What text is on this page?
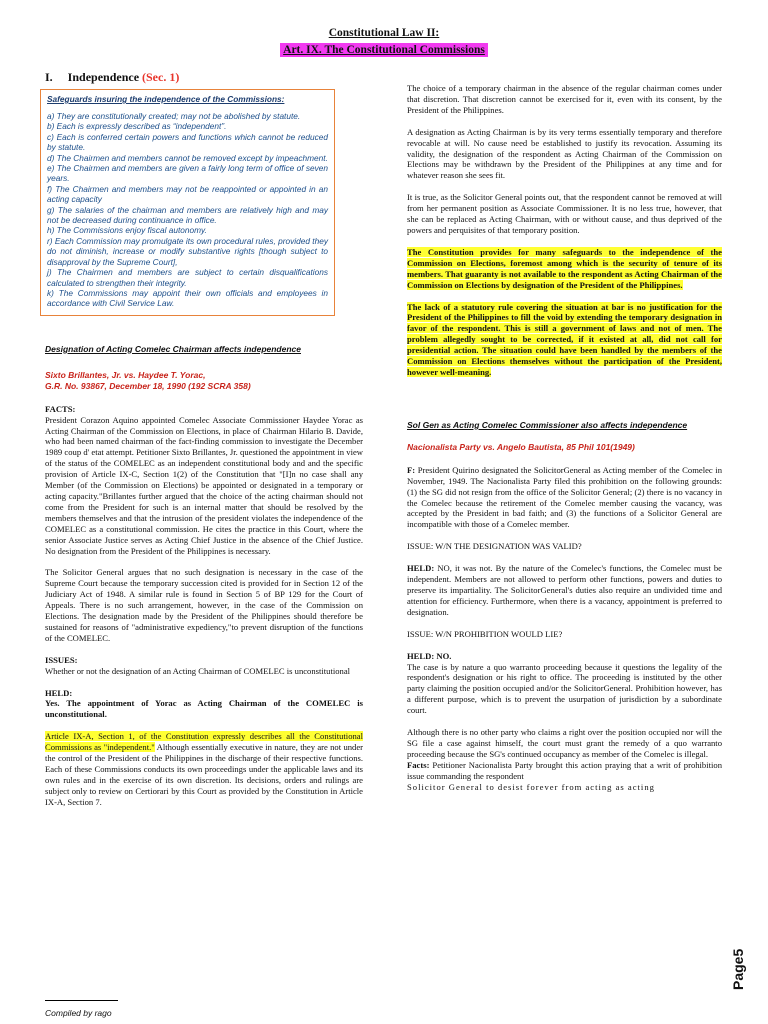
Constitutional Law II:
Art. IX. The Constitutional Commissions
I. Independence (Sec. 1)
Safeguards insuring the independence of the Commissions:
a) They are constitutionally created; may not be abolished by statute.
b) Each is expressly described as “independent”.
c) Each is conferred certain powers and functions which cannot be reduced by statute.
d) The Chairmen and members cannot be removed except by impeachment.
e) The Chairmen and members are given a fairly long term of office of seven years.
f) The Chairmen and members may not be reappointed or appointed in an acting capacity
g) The salaries of the chairman and members are relatively high and may not be decreased during continuance in office.
h) The Commissions enjoy fiscal autonomy.
r) Each Commission may promulgate its own procedural rules, provided they do not diminish, increase or modify substantive rights [though subject to disapproval by the Supreme Court],
j) The Chairmen and members are subject to certain disqualifications calculated to strengthen their integrity.
k) The Commissions may appoint their own officials and employees in accordance with Civil Service Law.

Designation of Acting Comelec Chairman affects independence

Sixto Brillantes, Jr. vs. Haydee T. Yorac,

G.R. No. 93867, December 18, 1990 (192 SCRA 358)

FACTS:

President Corazon Aquino appointed Comelec Associate Commissioner Haydee Yorac as Acting Chairman of the Commission on Elections, in place of Chairman Hilario B. Davide, who had been named chairman of the fact-finding commission to investigate the December 1989 coup d' etat attempt. Petitioner Sixto Brillantes, Jr. questioned the appointment in view of the status of the COMELEC as an independent constitutional body and and the specific provision of Article IX-C, Section 1(2) of the Constitution that "[I]n no case shall any Member (of the Commission on Elections) be appointed or designated in a temporary or acting capacity."Brillantes further argued that the choice of the acting chairman should not come from the President for such is an internal matter that should be resolved by the members themselves and that the intrusion of the president violates the independence of the COMELEC as a constitutional commission. He cites the practice in this Court, where the senior Associate Justice serves as Acting Chief Justice in the absence of the Chief Justice. No designation from the President of the Philippines is necessary.

The Solicitor General argues that no such designation is necessary in the case of the Supreme Court because the temporary succession cited is provided for in Section 12 of the Judiciary Act of 1948. A similar rule is found in Section 5 of BP 129 for the Court of Appeals. There is no such arrangement, however, in the case of the Commission on Elections. The designation made by the President of the Philippines should therefore be sustained for reasons of "administrative expediency,"to prevent disruption of the functions of the COMELEC.

ISSUES:

Whether or not the designation of an Acting Chairman of COMELEC is unconstitutional

HELD:

Yes. The appointment of Yorac as Acting Chairman of the COMELEC is unconstitutional.

Article IX-A, Section 1, of the Constitution expressly describes all the Constitutional Commissions as "independent." Although essentially executive in nature, they are not under the control of the President of the Philippines in the discharge of their respective functions. Each of these Commissions conducts its own proceedings under the applicable laws and its own rules and in the exercise of its own discretion. Its decisions, orders and rulings are subject only to review on Certiorari by this Court as provided by the Constitution in Article IX-A, Section 7.

The choice of a temporary chairman in the absence of the regular chairman comes under that discretion. That discretion cannot be exercised for it, even with its consent, by the President of the Philippines.

A designation as Acting Chairman is by its very terms essentially temporary and therefore revocable at will. No cause need be established to justify its revocation. Assuming its validity, the designation of the respondent as Acting Chairman of the Commission on Elections may be withdrawn by the President of the Philippines at any time and for whatever reason she sees fit.

It is true, as the Solicitor General points out, that the respondent cannot be removed at will from her permanent position as Associate Commissioner. It is no less true, however, that she can be replaced as Acting Chairman, with or without cause, and thus deprived of the powers and perquisites of that temporary position.

The Constitution provides for many safeguards to the independence of the Commission on Elections, foremost among which is the security of tenure of its members. That guaranty is not available to the respondent as Acting Chairman of the Commission on Elections by designation of the President of the Philippines.

The lack of a statutory rule covering the situation at bar is no justification for the President of the Philippines to fill the void by extending the temporary designation in favor of the respondent. This is still a government of laws and not of men. The problem allegedly sought to be corrected, if it existed at all, did not call for presidential action. The situation could have been handled by the members of the Commission on Elections themselves without the participation of the President, however well-meaning.

Sol Gen as Acting Comelec Commissioner also affects independence

Nacionalista Party vs. Angelo Bautista, 85 Phil 101(1949)

F: President Quirino designated the SolicitorGeneral as Acting member of the Comelec in November, 1949. The Nacionalista Party filed this prohibition on the following grounds: (1) the SG did not resign from the office of the Solicitor General; (2) there is no vacancy in the Comelec because the retirement of the Comelec member causing the vacancy, was accepted by the President in bad faith; and (3) the functions of a Solicitor General are incompatible with those of a Comelec member.

ISSUE: W/N THE DESIGNATION WAS VALID?

HELD: NO, it was not. By the nature of the Comelec's functions, the Comelec must be independent. Members are not allowed to perform other functions, powers and duties to preserve its impartiality. The SolicitorGeneral's duties also require an undivided time and attention for efficiency. Furthermore, when there is a vacancy, appointment is preferred to designation.

ISSUE: W/N PROHIBITION WOULD LIE?

HELD: NO.

The case is by nature a quo warranto proceeding because it questions the legality of the respondent's designation or his right to office. The proceeding is instituted by the other party claiming the position occupied and/or the SolicitorGeneral. Prohibition however, has a different purpose, which is to prevent the usurpation of jurisdiction by a subordinate court.

Although there is no other party who claims a right over the position occupied nor will the SG file a case against himself, the court must grant the remedy of a quo warranto proceeding because the SG's continued occupancy as member of the Comelec is illegal.

Facts: Petitioner Nacionalista Party brought this action praying that a writ of prohibition issue commanding the respondent

Solicitor General to desist forever from acting as acting

Compiled by rago
Page5
